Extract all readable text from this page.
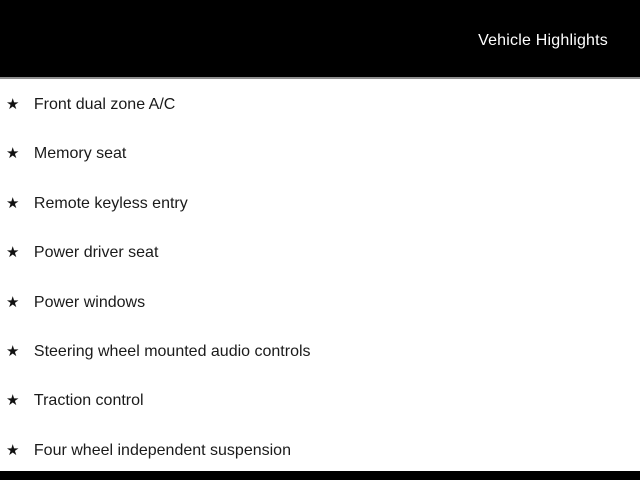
Vehicle Highlights
★ Front dual zone A/C
★ Memory seat
★ Remote keyless entry
★ Power driver seat
★ Power windows
★ Steering wheel mounted audio controls
★ Traction control
★ Four wheel independent suspension
